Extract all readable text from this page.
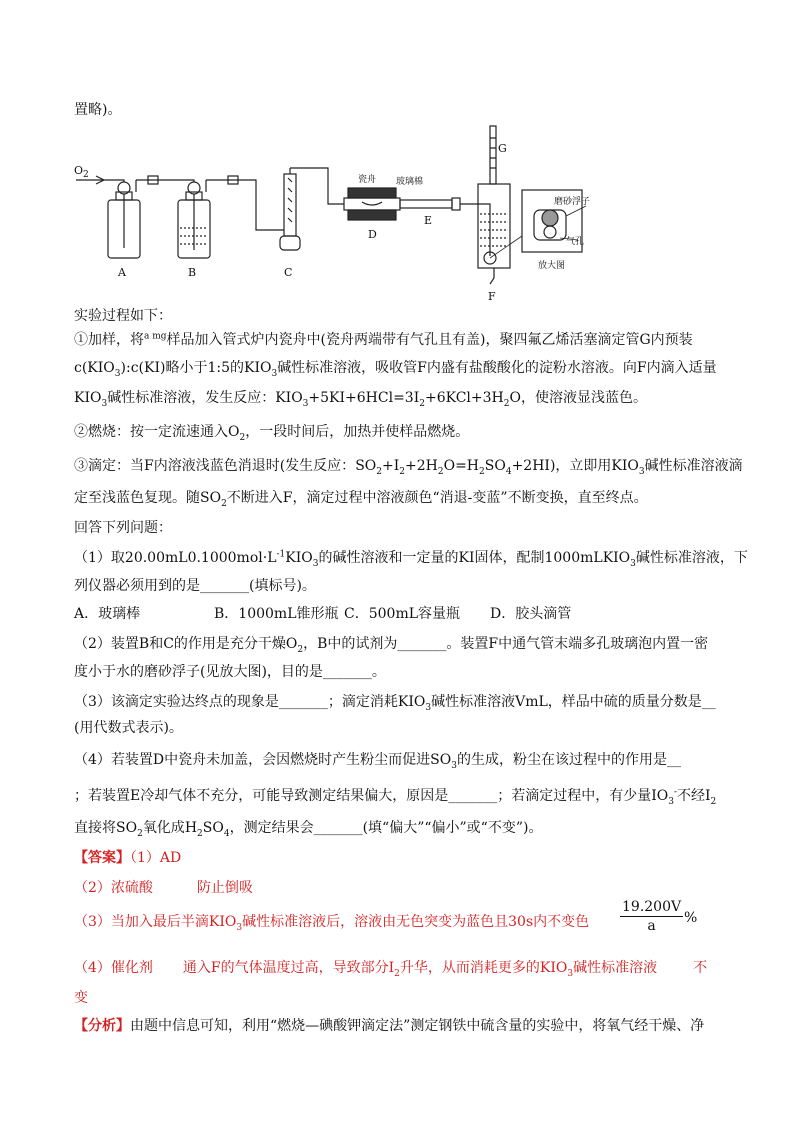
置略)。
$O_2$
A	B	C
D
E
F
G
瓷舟 玻璃棉
磨砂浮子
气孔
放大图
实验过程如下：
①加样，将$^{a mg}$样品加入管式炉内瓷舟中(瓷舟两端带有气孔且有盖)，聚四氟乙烯活塞滴定管G内预装
$c(KIO_3):c(KI)$略小于1:5的$KIO_3$碱性标准溶液，吸收管F内盛有盐酸酸化的淀粉水溶液。向F内滴入适量
$KIO_3$碱性标准溶液，发生反应：$KIO_3+5KI+6HCl=3I_2+6KCl+3H_2O$，使溶液显浅蓝色。
②燃烧：按一定流速通入$O_2$，一段时间后，加热并使样品燃烧。
③滴定：当F内溶液浅蓝色消退时(发生反应：$SO_2+I_2+2H_2O=H_2SO_4+2HI$)，立即用$KIO_3$碱性标准溶液滴
定至浅蓝色复现。随$SO_2$不断进入F，滴定过程中溶液颜色“消退-变蓝”不断变换，直至终点。
回答下列问题：
（1）取$20.00mL0.1000mol\cdot L^{-1}KIO_3$的碱性溶液和一定量的KI固体，配制1000mLKIO$_3$碱性标准溶液，下
列仪器必须用到的是_______(填标号)。
A．玻璃棒	B．1000mL锥形瓶 C．500mL容量瓶 D．胶头滴管
（2）装置B和C的作用是充分干燥$O_2$，B中的试剂为_______。装置F中通气管末端多孔玻璃泡内置一密
度小于水的磨砂浮子(见放大图)，目的是_______。
（3）该滴定实验达终点的现象是_______；滴定消耗$KIO_3$碱性标准溶液VmL，样品中硫的质量分数是__
(用代数式表示)。
（4）若装置D中瓷舟未加盖，会因燃烧时产生粉尘而促进$SO_3$的生成，粉尘在该过程中的作用是__
；若装置E冷却气体不充分，可能导致测定结果偏大，原因是_______；若滴定过程中，有少量$IO_3^-$不经$I_2$
直接将$SO_2$氧化成$H_2SO_4$，测定结果会_______(填“偏大”“偏小”或“不变”)。
【答案】（1）AD
（2）浓硫酸	防止倒吸
（3）当加入最后半滴$KIO_3$碱性标准溶液后，溶液由无色突变为蓝色且30s内不变色 $\frac{19.200V}{a}$ %
（4）催化剂 通入F的气体温度过高，导致部分$I_2$升华，从而消耗更多的$KIO_3$碱性标准溶液	不
变
【分析】由题中信息可知，利用“燃烧—碘酸钾滴定法”测定钢铁中硫含量的实验中，将氧气经干燥、净
